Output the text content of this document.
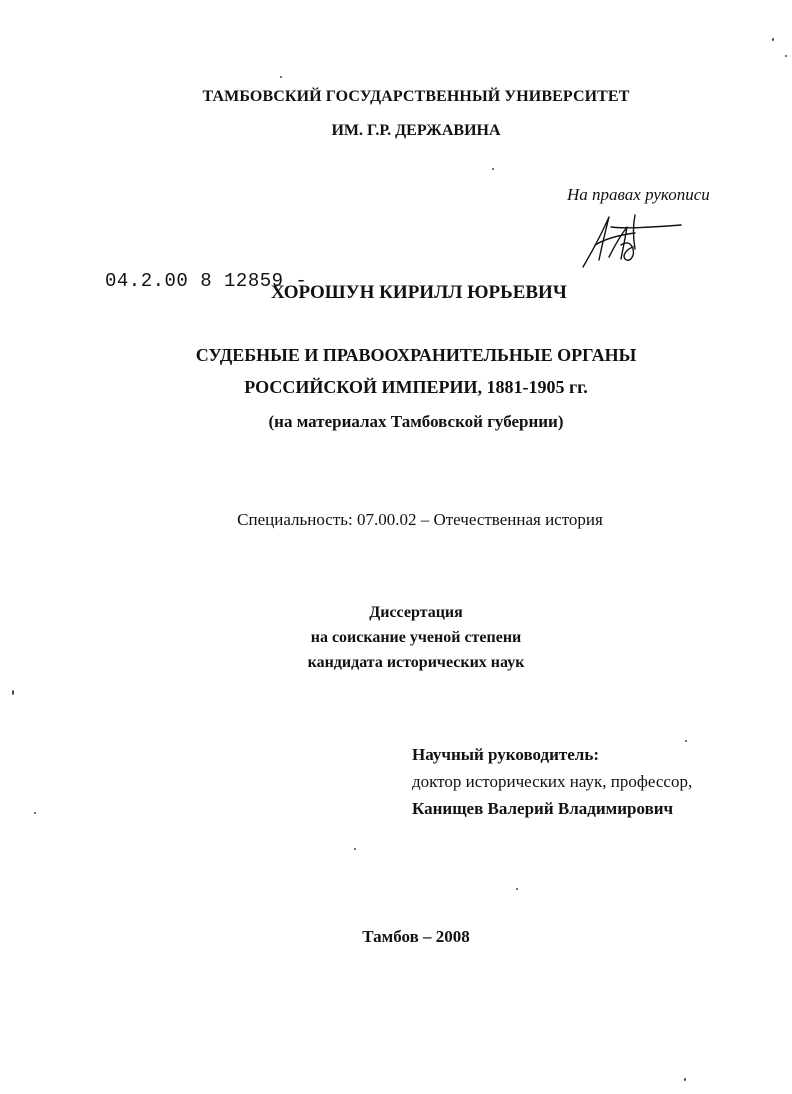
ТАМБОВСКИЙ ГОСУДАРСТВЕННЫЙ УНИВЕРСИТЕТ
ИМ. Г.Р. ДЕРЖАВИНА
На правах рукописи
04.2.00 8 12859 -
ХОРОШУН КИРИЛЛ ЮРЬЕВИЧ
СУДЕБНЫЕ И ПРАВООХРАНИТЕЛЬНЫЕ ОРГАНЫ
РОССИЙСКОЙ ИМПЕРИИ, 1881-1905 гг.
(на материалах Тамбовской губернии)
Специальность: 07.00.02 – Отечественная история
Диссертация
на соискание ученой степени
кандидата исторических наук
Научный руководитель:
доктор исторических наук, профессор,
Канищев Валерий Владимирович
Тамбов – 2008
